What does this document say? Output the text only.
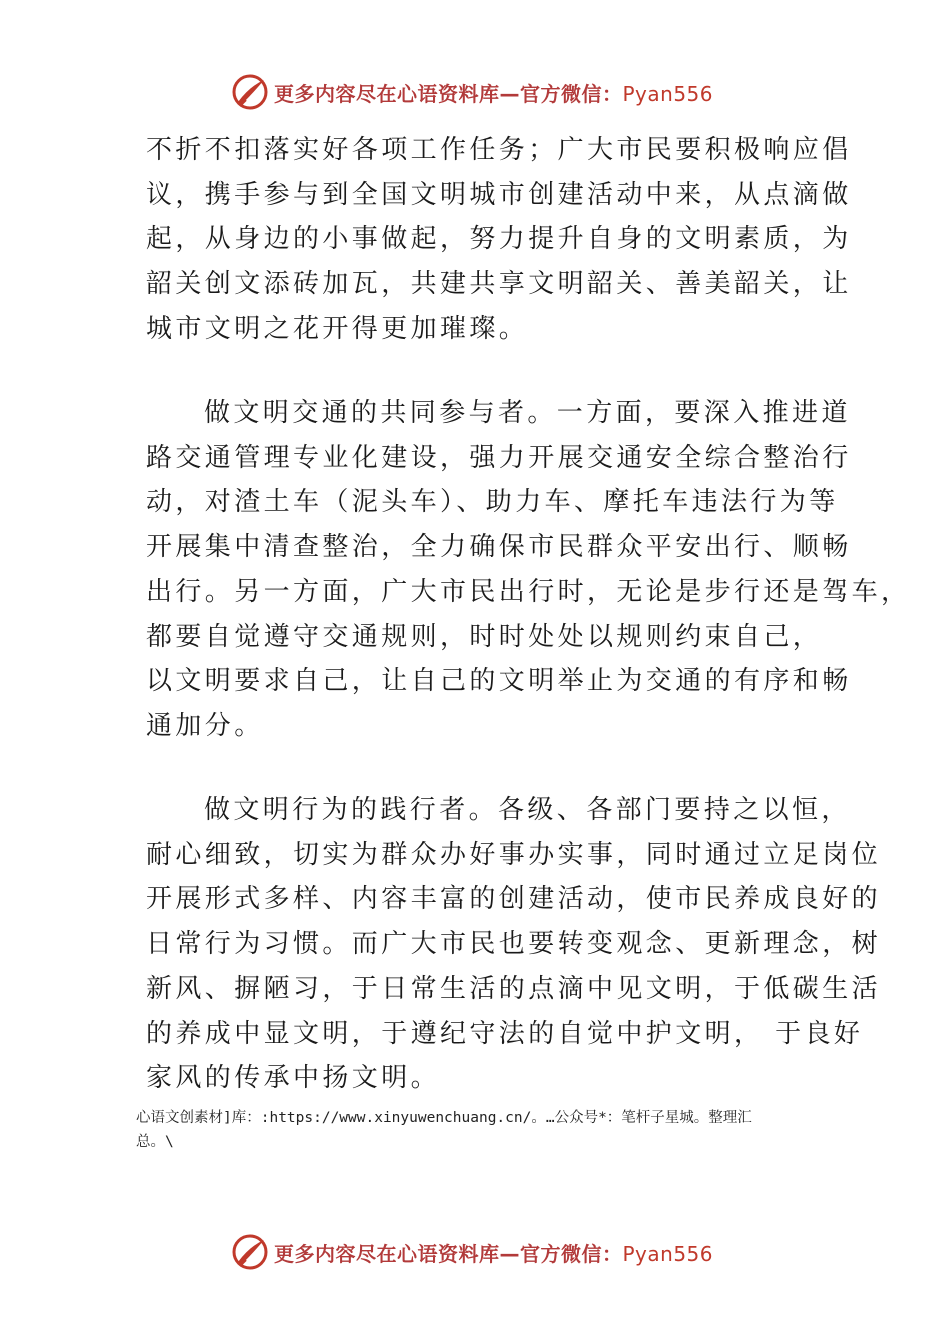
更多内容尽在心语资料库—官方微信：Pyan556
不折不扣落实好各项工作任务；广大市民要积极响应倡
议，携手参与到全国文明城市创建活动中来，从点滴做
起，从身边的小事做起，努力提升自身的文明素质，为
韶关创文添砖加瓦，共建共享文明韶关、善美韶关，让
城市文明之花开得更加璀璨。
做文明交通的共同参与者。一方面，要深入推进道
路交通管理专业化建设，强力开展交通安全综合整治行
动，对渣土车（泥头车）、助力车、摩托车违法行为等
开展集中清查整治，全力确保市民群众平安出行、顺畅
出行。另一方面，广大市民出行时，无论是步行还是驾车，
都要自觉遵守交通规则，时时处处以规则约束自己，
以文明要求自己，让自己的文明举止为交通的有序和畅
通加分。
做文明行为的践行者。各级、各部门要持之以恒，
耐心细致，切实为群众办好事办实事，同时通过立足岗位
开展形式多样、内容丰富的创建活动，使市民养成良好的
日常行为习惯。而广大市民也要转变观念、更新理念，树
新风、摒陋习，于日常生活的点滴中见文明，于低碳生活
的养成中显文明，于遵纪守法的自觉中护文明， 于良好
家风的传承中扬文明。
心语文创素材]库：:https://www.xinyuwenchuang.cn/。…公众号*：笔杆子星城。整理汇
总。\
更多内容尽在心语资料库—官方微信：Pyan556
